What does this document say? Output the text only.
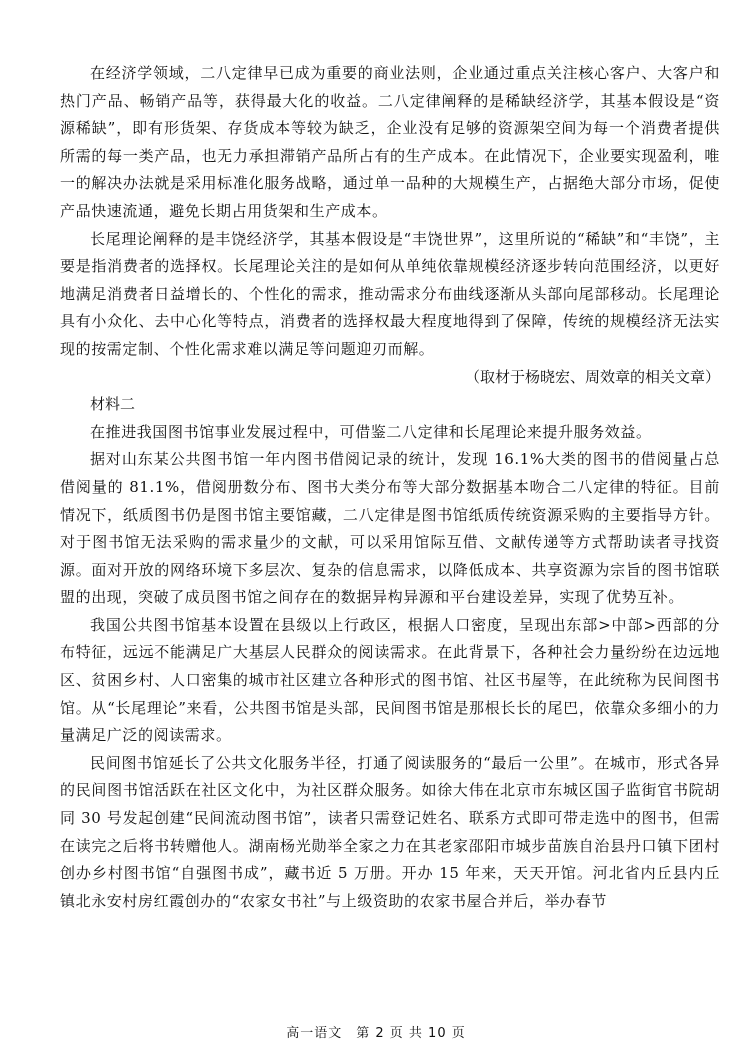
在经济学领域，二八定律早已成为重要的商业法则，企业通过重点关注核心客户、大客户和热门产品、畅销产品等，获得最大化的收益。二八定律阐释的是稀缺经济学，其基本假设是“资源稀缺”，即有形货架、存货成本等较为缺乏，企业没有足够的资源架空间为每一个消费者提供所需的每一类产品，也无力承担滞销产品所占有的生产成本。在此情况下，企业要实现盈利，唯一的解决办法就是采用标准化服务战略，通过单一品种的大规模生产，占据绝大部分市场，促使产品快速流通，避免长期占用货架和生产成本。

长尾理论阐释的是丰饶经济学，其基本假设是“丰饶世界”，这里所说的“稀缺”和“丰饶”，主要是指消费者的选择权。长尾理论关注的是如何从单纯依靠规模经济逐步转向范围经济，以更好地满足消费者日益增长的、个性化的需求，推动需求分布曲线逐渐从头部向尾部移动。长尾理论具有小众化、去中心化等特点，消费者的选择权最大程度地得到了保障，传统的规模经济无法实现的按需定制、个性化需求难以满足等问题迎刃而解。

（取材于杨晓宏、周效章的相关文章）

材料二

在推进我国图书馆事业发展过程中，可借鉴二八定律和长尾理论来提升服务效益。

据对山东某公共图书馆一年内图书借阅记录的统计，发现 16.1%大类的图书的借阅量占总借阅量的 81.1%，借阅册数分布、图书大类分布等大部分数据基本吻合二八定律的特征。目前情况下，纸质图书仍是图书馆主要馆藏，二八定律是图书馆纸质传统资源采购的主要指导方针。对于图书馆无法采购的需求量少的文献，可以采用馆际互借、文献传递等方式帮助读者寻找资源。面对开放的网络环境下多层次、复杂的信息需求，以降低成本、共享资源为宗旨的图书馆联盟的出现，突破了成员图书馆之间存在的数据异构异源和平台建设差异，实现了优势互补。

我国公共图书馆基本设置在县级以上行政区，根据人口密度，呈现出东部>中部>西部的分布特征，远远不能满足广大基层人民群众的阅读需求。在此背景下，各种社会力量纷纷在边远地区、贫困乡村、人口密集的城市社区建立各种形式的图书馆、社区书屋等，在此统称为民间图书馆。从“长尾理论”来看，公共图书馆是头部，民间图书馆是那根长长的尾巴，依靠众多细小的力量满足广泛的阅读需求。

民间图书馆延长了公共文化服务半径，打通了阅读服务的“最后一公里”。在城市，形式各异的民间图书馆活跃在社区文化中，为社区群众服务。如徐大伟在北京市东城区国子监街官书院胡同 30 号发起创建“民间流动图书馆”，读者只需登记姓名、联系方式即可带走选中的图书，但需在读完之后将书转赠他人。湖南杨光勋举全家之力在其老家邵阳市城步苗族自治县丹口镇下团村创办乡村图书馆“自强图书成”，藏书近 5 万册。开办 15 年来，天天开馆。河北省内丘县内丘镇北永安村房红霞创办的“农家女书社”与上级资助的农家书屋合并后，举办春节

高一语文　第 2 页 共 10 页
